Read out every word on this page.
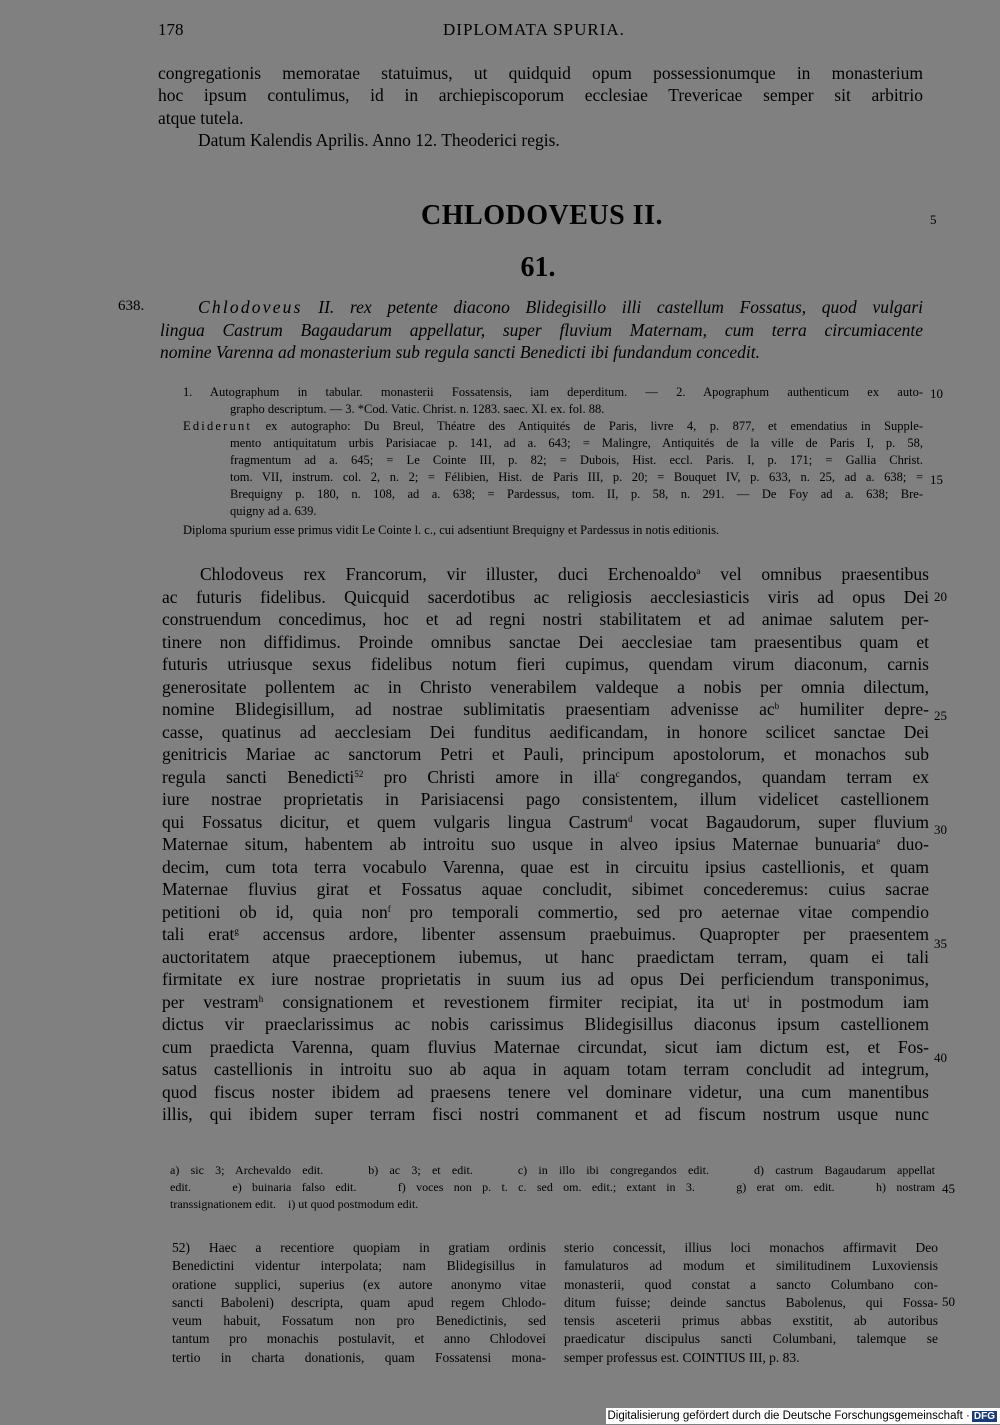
178	DIPLOMATA SPURIA.
congregationis memoratae statuimus, ut quidquid opum possessionumque in monasterium
hoc ipsum contulimus, id in archiepiscoporum ecclesiae Trevericae semper sit arbitrio
atque tutela.
Datum Kalendis Aprilis. Anno 12. Theoderici regis.
CHLODOVEUS II.	5
61.
638.	Chlodoveus II. rex petente diacono Blidegisillo illi castellum Fossatus, quod vulgari
lingua Castrum Bagaudarum appellatur, super fluvium Maternam, cum terra circumiacente
nomine Varenna ad monasterium sub regula sancti Benedicti ibi fundandum concedit.
1. Autographum in tabular. monasterii Fossatensis, iam deperditum. — 2. Apographum authenticum ex auto-
grapho descriptum. — 3. *Cod. Vatic. Christ. n. 1283. saec. XI. ex. fol. 88.
Ediderunt ex autographo: Du Breul, Théatre des Antiquités de Paris, livre 4, p. 877, et emendatius in Supple-
mento antiquitatum urbis Parisiacae p. 141, ad a. 643; = Malingre, Antiquités de la ville de Paris I, p. 58,
fragmentum ad a. 645; = Le Cointe III, p. 82; = Dubois, Hist. eccl. Paris. I, p. 171; = Gallia Christ.
tom. VII, instrum. col. 2, n. 2; = Félibien, Hist. de Paris III, p. 20; = Bouquet IV, p. 633, n. 25, ad a. 638; =
Brequigny p. 180, n. 108, ad a. 638; = Pardessus, tom. II, p. 58, n. 291. — De Foy ad a. 638; Bre-
quigny ad a. 639.
Diploma spurium esse primus vidit Le Cointe l. c., cui adsentiunt Brequigny et Pardessus in notis editionis.
10
15
Chlodoveus rex Francorum, vir illuster, duci Erchenoaldo$^a$ vel omnibus praesentibus
ac futuris fidelibus. Quicquid sacerdotibus ac religiosis aecclesiasticis viris ad opus Dei
construendum concedimus, hoc et ad regni nostri stabilitatem et ad animae salutem per-
tinere non diffidimus. Proinde omnibus sanctae Dei aecclesiae tam praesentibus quam et
futuris utriusque sexus fidelibus notum fieri cupimus, quendam virum diaconum, carnis
generositate pollentem ac in Christo venerabilem valdeque a nobis per omnia dilectum,
nomine Blidegisillum, ad nostrae sublimitatis praesentiam advenisse $ac^b$ humiliter depre-
casse, quatinus ad aecclesiam Dei funditus aedificandam, in honore scilicet sanctae Dei
genitricis Mariae ac sanctorum Petri et Pauli, principum apostolorum, et monachos sub
regula sancti Benedicti$^{52}$ pro Christi amore in illa$^c$ congregandos, quandam terram ex
iure nostrae proprietatis in Parisiacensi pago consistentem, illum videlicet castellionem
qui Fossatus dicitur, et quem vulgaris lingua Castrum$^d$ vocat Bagaudorum, super fluvium
Maternae situm, habentem ab introitu suo usque in alveo ipsius Maternae bunuaria$^e$ duo-
decim, cum tota terra vocabulo Varenna, quae est in circuitu ipsius castellionis, et quam
Maternae fluvius girat et Fossatus aquae concludit, sibimet concederemus: cuius sacrae
petitioni ob id, quia non$^f$ pro temporali commertio, sed pro aeternae vitae compendio
tali erat$^g$ accensus ardore, libenter assensum praebuimus. Quapropter per praesentem
auctoritatem atque praeceptionem iubemus, ut hanc praedictam terram, quam ei tali
firmitate ex iure nostrae proprietatis in suum ius ad opus Dei perficiendum transponimus,
per vestram$^h$ consignationem et revestionem firmiter recipiat, ita $ut^i$ in postmodum iam
dictus vir praeclarissimus ac nobis carissimus Blidegisillus diaconus ipsum castellionem
cum praedicta Varenna, quam fluvius Maternae circundat, sicut iam dictum est, et Fos-
satus castellionis in introitu suo ab aqua in aquam totam terram concludit ad integrum,
quod fiscus noster ibidem ad praesens tenere vel dominare videtur, una cum manentibus
illis, qui ibidem super terram fisci nostri commanent et ad fiscum nostrum usque nunc
20
25
30
35
40
a) sic 3; Archevaldo edit.    b) ac 3; et edit.    c) in illo ibi congregandos edit.    d) castrum Bagaudarum appellat
edit.    e) buinaria falso edit.    f) voces non p. t. c. sed om. edit.; extant in 3.    g) erat om. edit.    h) nostram
transsignationem edit.    i) ut quod postmodum edit.
45
52) Haec a recentiore quopiam in gratiam ordinis
Benedictini videntur interpolata; nam Blidegisillus in
oratione supplici, superius (ex autore anonymo vitae
sancti Baboleni) descripta, quam apud regem Chlodo-
veum habuit, Fossatum non pro Benedictinis, sed
tantum pro monachis postulavit, et anno Chlodovei
tertio in charta donationis, quam Fossatensi mona-
sterio concessit, illius loci monachos affirmavit Deo
famulaturos ad modum et similitudinem Luxoviensis
monasterii, quod constat a sancto Columbano con-
ditum fuisse; deinde sanctus Babolenus, qui Fossa-
tensis asceterii primus abbas exstitit, ab autoribus
praedicatur discipulus sancti Columbani, talemque se
semper professus est. COINTIUS III, p. 83.
50
Digitalisierung gefördert durch die Deutsche Forschungsgemeinschaft · DFG
